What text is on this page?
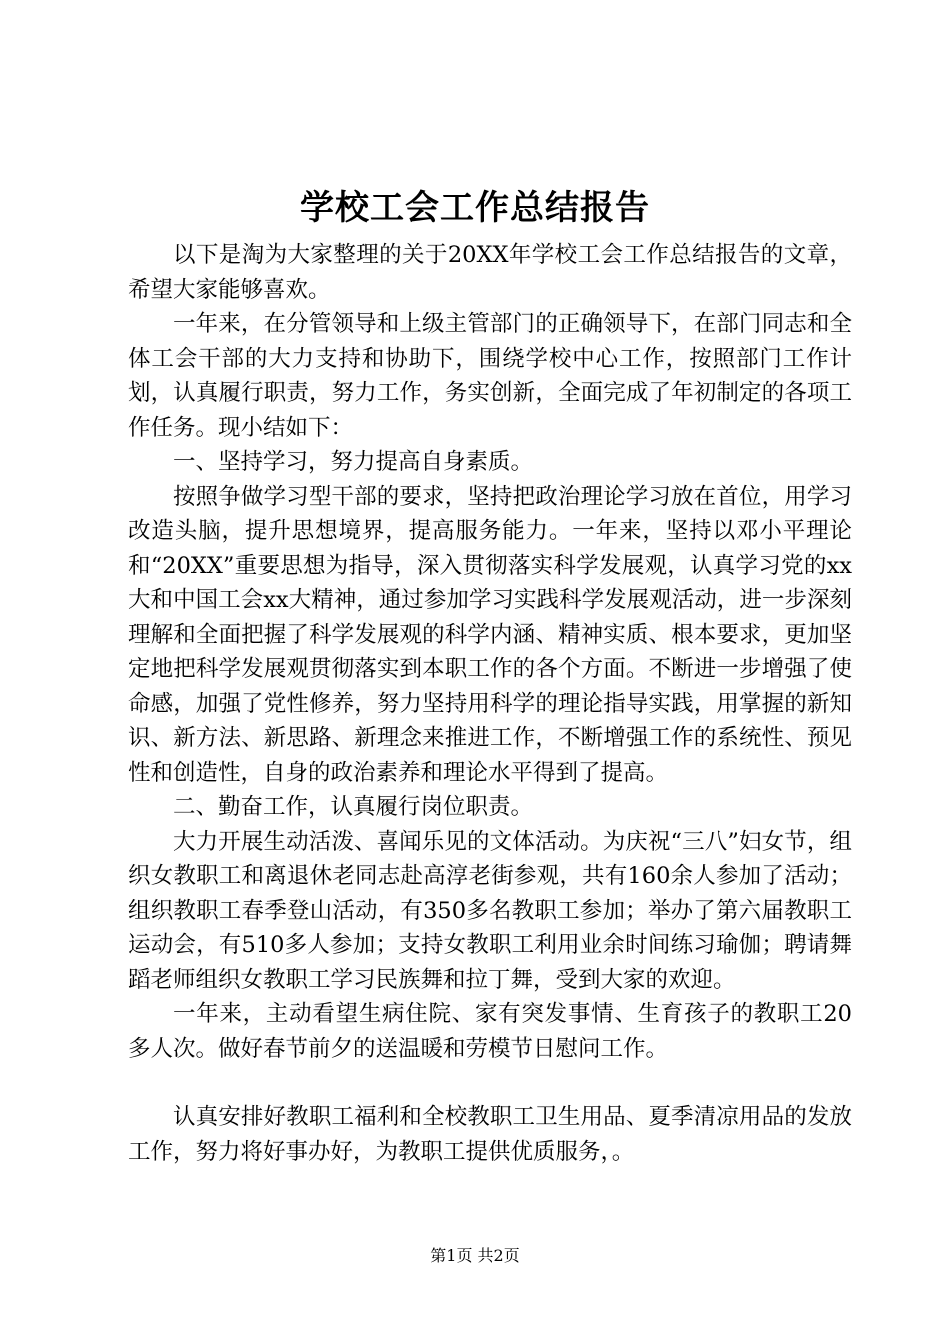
学校工会工作总结报告

以下是淘为大家整理的关于20XX年学校工会工作总结报告的文章，希望大家能够喜欢。

一年来，在分管领导和上级主管部门的正确领导下，在部门同志和全体工会干部的大力支持和协助下，围绕学校中心工作，按照部门工作计划，认真履行职责，努力工作，务实创新，全面完成了年初制定的各项工作任务。现小结如下：

一、坚持学习，努力提高自身素质。

按照争做学习型干部的要求，坚持把政治理论学习放在首位，用学习改造头脑，提升思想境界，提高服务能力。一年来，坚持以邓小平理论和“20XX”重要思想为指导，深入贯彻落实科学发展观，认真学习党的xx大和中国工会xx大精神，通过参加学习实践科学发展观活动，进一步深刻理解和全面把握了科学发展观的科学内涵、精神实质、根本要求，更加坚定地把科学发展观贯彻落实到本职工作的各个方面。不断进一步增强了使命感，加强了党性修养，努力坚持用科学的理论指导实践，用掌握的新知识、新方法、新思路、新理念来推进工作，不断增强工作的系统性、预见性和创造性，自身的政治素养和理论水平得到了提高。

二、勤奋工作，认真履行岗位职责。

大力开展生动活泼、喜闻乐见的文体活动。为庆祝“三八”妇女节，组织女教职工和离退休老同志赴高淳老街参观，共有160余人参加了活动；组织教职工春季登山活动，有350多名教职工参加；举办了第六届教职工运动会，有510多人参加；支持女教职工利用业余时间练习瑜伽；聘请舞蹈老师组织女教职工学习民族舞和拉丁舞，受到大家的欢迎。

一年来，主动看望生病住院、家有突发事情、生育孩子的教职工20多人次。做好春节前夕的送温暖和劳模节日慰问工作。

认真安排好教职工福利和全校教职工卫生用品、夏季清凉用品的发放工作，努力将好事办好，为教职工提供优质服务，。

第1页 共2页
